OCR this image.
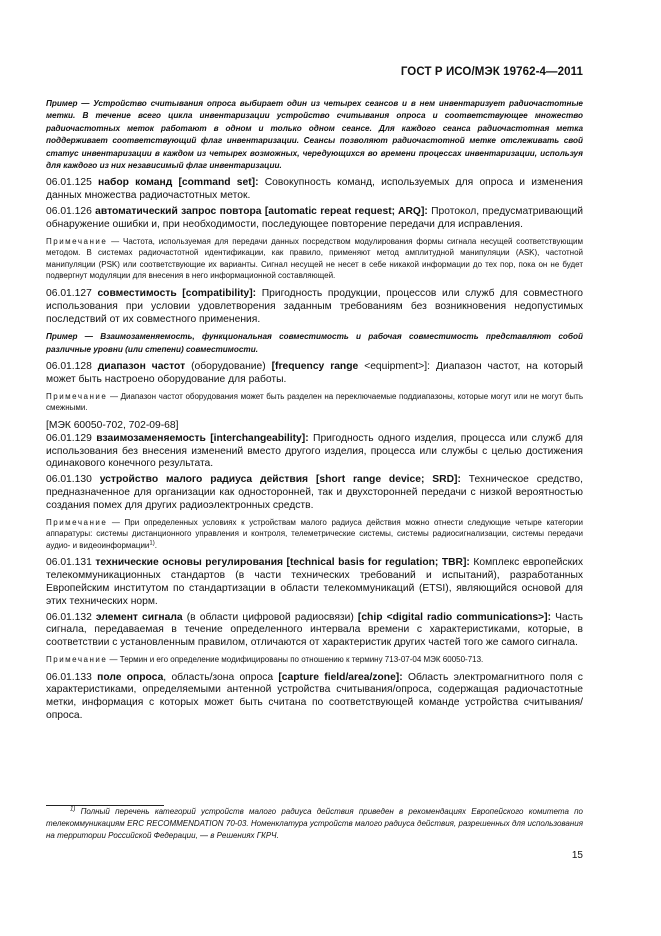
ГОСТ Р ИСО/МЭК 19762-4—2011

Пример — Устройство считывания опроса выбирает один из четырех сеансов и в нем инвентаризует радиочастотные метки. В течение всего цикла инвентаризации устройство считывания опроса и соответствующее множество радиочастотных меток работают в одном и только одном сеансе. Для каждого сеанса радиочастотная метка поддерживает соответствующий флаг инвентаризации. Сеансы позволяют радиочастотной метке отслеживать свой статус инвентаризации в каждом из четырех возможных, чередующихся во времени процессах инвентаризации, используя для каждого из них независимый флаг инвентаризации.

06.01.125 набор команд [command set]: Совокупность команд, используемых для опроса и изменения данных множества радиочастотных меток.

06.01.126 автоматический запрос повтора [automatic repeat request; ARQ]: Протокол, предусматривающий обнаружение ошибки и, при необходимости, последующее повторение передачи для исправления.

Примечание — Частота, используемая для передачи данных посредством модулирования формы сигнала несущей соответствующим методом. В системах радиочастотной идентификации, как правило, применяют метод амплитудной манипуляции (ASK), частотной манипуляции (PSK) или соответствующие их варианты. Сигнал несущей не несет в себе никакой информации до тех пор, пока он не будет подвергнут модуляции для внесения в него информационной составляющей.

06.01.127 совместимость [compatibility]: Пригодность продукции, процессов или служб для совместного использования при условии удовлетворения заданным требованиям без возникновения недопустимых последствий от их совместного применения.

Пример — Взаимозаменяемость, функциональная совместимость и рабочая совместимость представляют собой различные уровни (или степени) совместимости.

06.01.128 диапазон частот (оборудование) [frequency range <equipment>]: Диапазон частот, на который может быть настроено оборудование для работы.

Примечание — Диапазон частот оборудования может быть разделен на переключаемые поддиапазоны, которые могут или не могут быть смежными.

[МЭК 60050-702, 702-09-68]

06.01.129 взаимозаменяемость [interchangeability]: Пригодность одного изделия, процесса или служб для использования без внесения изменений вместо другого изделия, процесса или службы с целью достижения одинакового конечного результата.

06.01.130 устройство малого радиуса действия [short range device; SRD]: Техническое средство, предназначенное для организации как односторонней, так и двухсторонней передачи с низкой вероятностью создания помех для других радиоэлектронных средств.

Примечание — При определенных условиях к устройствам малого радиуса действия можно отнести следующие четыре категории аппаратуры: системы дистанционного управления и контроля, телеметрические системы, системы радиосигнализации, системы передачи аудио- и видеоинформации$^{1)}$.

06.01.131 технические основы регулирования [technical basis for regulation; TBR]: Комплекс европейских телекоммуникационных стандартов (в части технических требований и испытаний), разработанных Европейским институтом по стандартизации в области телекоммуникаций (ETSI), являющийся основой для этих технических норм.

06.01.132 элемент сигнала (в области цифровой радиосвязи) [chip <digital radio communications>]: Часть сигнала, передаваемая в течение определенного интервала времени с характеристиками, которые, в соответствии с установленным правилом, отличаются от характеристик других частей того же самого сигнала.

Примечание — Термин и его определение модифицированы по отношению к термину 713-07-04 МЭК 60050-713.

06.01.133 поле опроса, область/зона опроса [capture field/area/zone]: Область электромагнитного поля с характеристиками, определяемыми антенной устройства считывания/опроса, содержащая радиочастотные метки, информация с которых может быть считана по соответствующей команде устройства считывания/опроса.

$^{1)}$ Полный перечень категорий устройств малого радиуса действия приведен в рекомендациях Европейского комитета по телекоммуникациям ERC RECOMMENDATION 70-03. Номенклатура устройств малого радиуса действия, разрешенных для использования на территории Российской Федерации, — в Решениях ГКРЧ.

15
